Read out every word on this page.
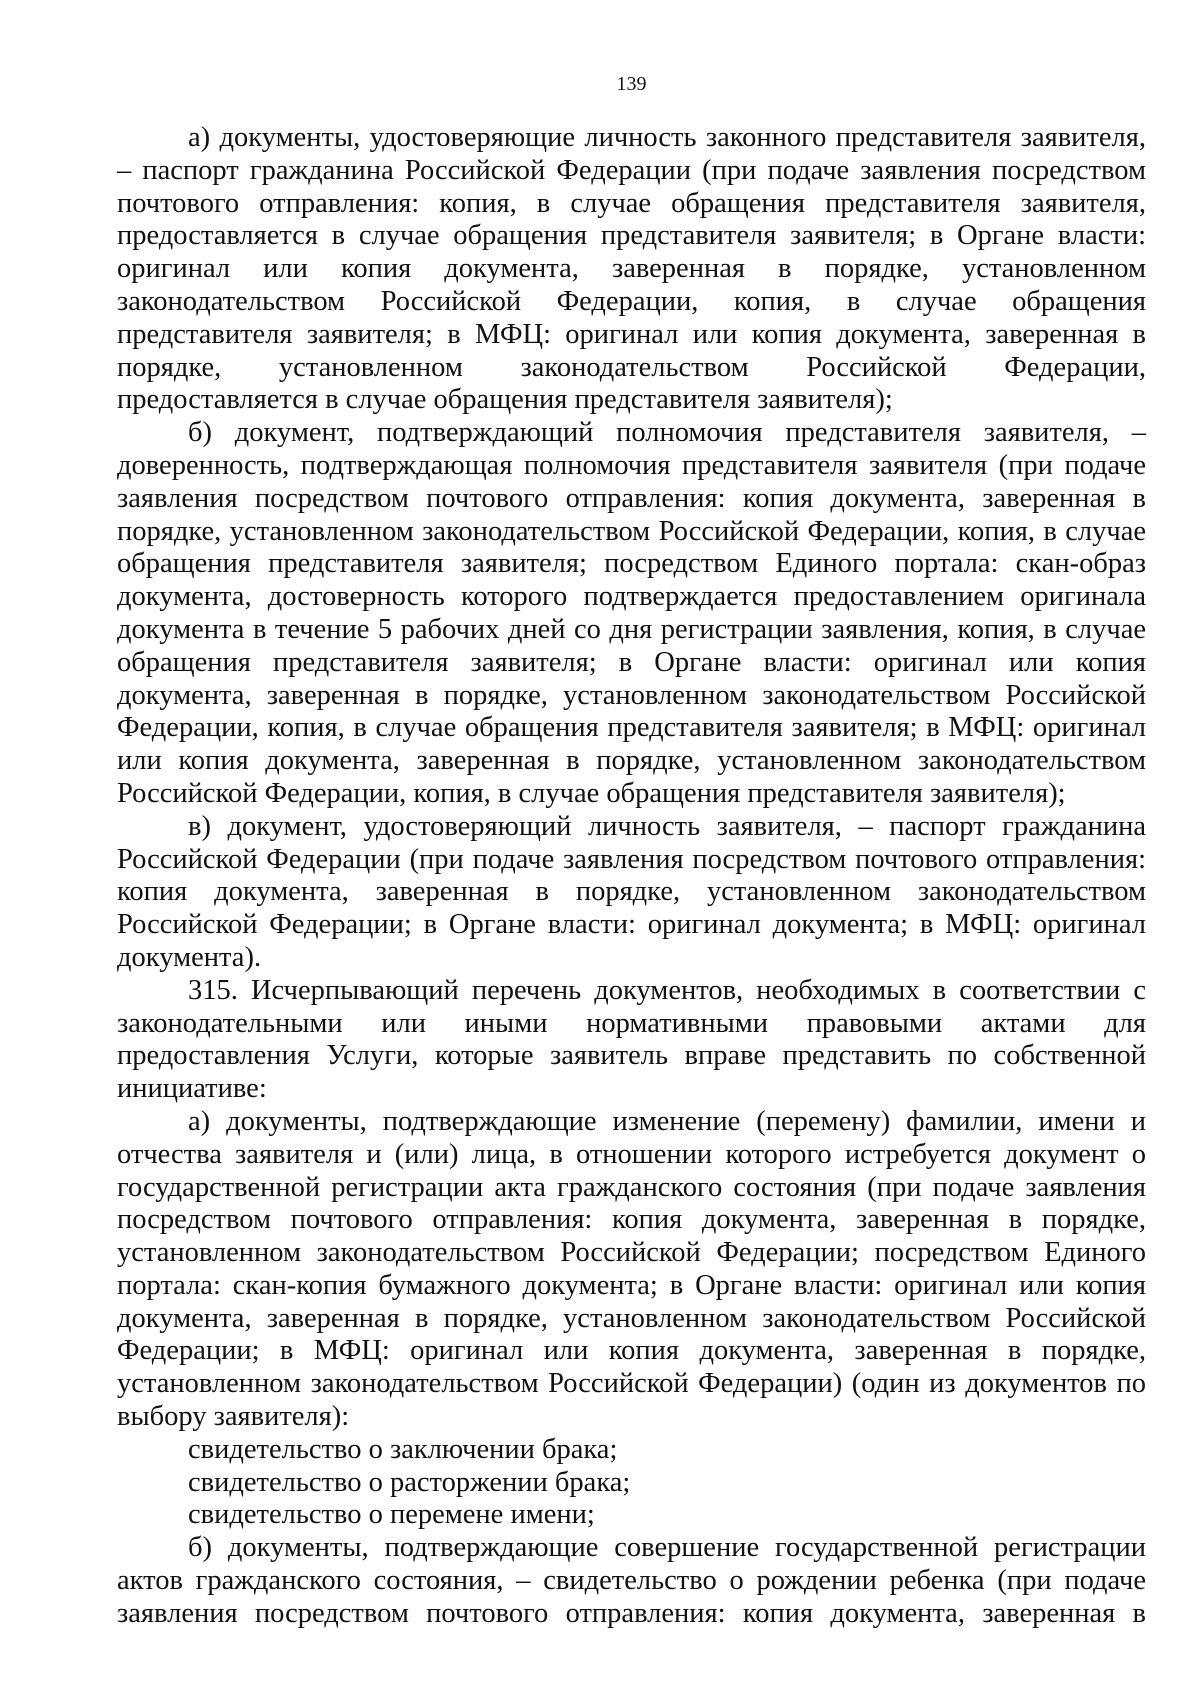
139

а) документы, удостоверяющие личность законного представителя заявителя, – паспорт гражданина Российской Федерации (при подаче заявления посредством почтового отправления: копия, в случае обращения представителя заявителя, предоставляется в случае обращения представителя заявителя; в Органе власти: оригинал или копия документа, заверенная в порядке, установленном законодательством Российской Федерации, копия, в случае обращения представителя заявителя; в МФЦ: оригинал или копия документа, заверенная в порядке, установленном законодательством Российской Федерации, предоставляется в случае обращения представителя заявителя);

б) документ, подтверждающий полномочия представителя заявителя, – доверенность, подтверждающая полномочия представителя заявителя (при подаче заявления посредством почтового отправления: копия документа, заверенная в порядке, установленном законодательством Российской Федерации, копия, в случае обращения представителя заявителя; посредством Единого портала: скан-образ документа, достоверность которого подтверждается предоставлением оригинала документа в течение 5 рабочих дней со дня регистрации заявления, копия, в случае обращения представителя заявителя; в Органе власти: оригинал или копия документа, заверенная в порядке, установленном законодательством Российской Федерации, копия, в случае обращения представителя заявителя; в МФЦ: оригинал или копия документа, заверенная в порядке, установленном законодательством Российской Федерации, копия, в случае обращения представителя заявителя);

в) документ, удостоверяющий личность заявителя, – паспорт гражданина Российской Федерации (при подаче заявления посредством почтового отправления: копия документа, заверенная в порядке, установленном законодательством Российской Федерации; в Органе власти: оригинал документа; в МФЦ: оригинал документа).

315. Исчерпывающий перечень документов, необходимых в соответствии с законодательными или иными нормативными правовыми актами для предоставления Услуги, которые заявитель вправе представить по собственной инициативе:

а) документы, подтверждающие изменение (перемену) фамилии, имени и отчества заявителя и (или) лица, в отношении которого истребуется документ о государственной регистрации акта гражданского состояния (при подаче заявления посредством почтового отправления: копия документа, заверенная в порядке, установленном законодательством Российской Федерации; посредством Единого портала: скан-копия бумажного документа; в Органе власти: оригинал или копия документа, заверенная в порядке, установленном законодательством Российской Федерации; в МФЦ: оригинал или копия документа, заверенная в порядке, установленном законодательством Российской Федерации) (один из документов по выбору заявителя):

свидетельство о заключении брака;

свидетельство о расторжении брака;

свидетельство о перемене имени;

б) документы, подтверждающие совершение государственной регистрации актов гражданского состояния, – свидетельство о рождении ребенка (при подаче заявления посредством почтового отправления: копия документа, заверенная в
